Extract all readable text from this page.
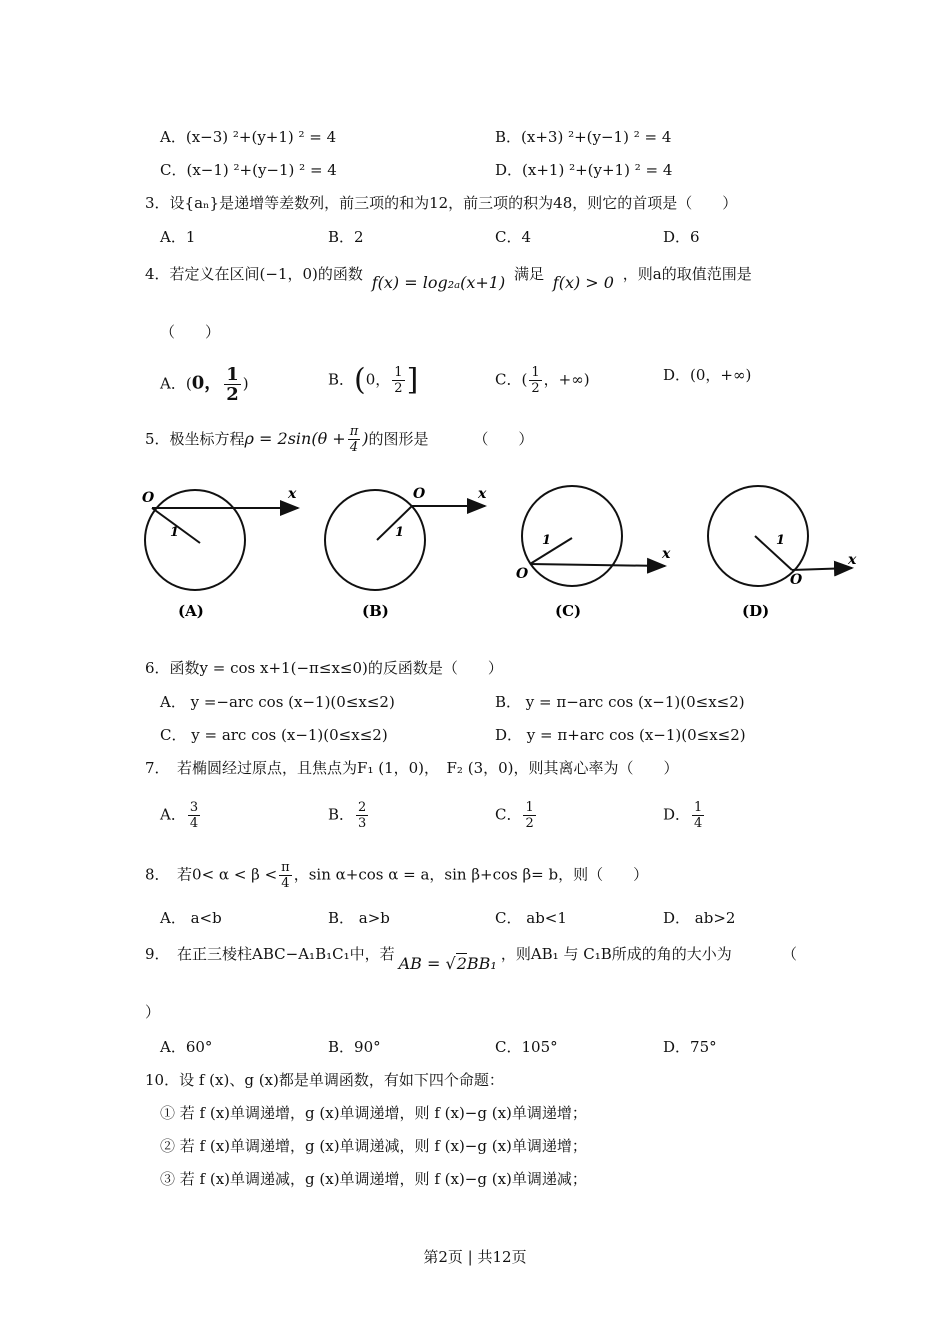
A．(x−3) ²+(y+1) ² = 4	B．(x+3) ²+(y−1) ² = 4
C．(x−1) ²+(y−1) ² = 4	D．(x+1) ²+(y+1) ² = 4
3．设{aₙ}是递增等差数列，前三项的和为12，前三项的积为48，则它的首项是（　　）
A．1	B．2	C．4	D．6
4．若定义在区间(−1，0)的函数 f(x) = log₂ₐ(x+1) 满足 f(x) > 0 ，则a的取值范围是
（　　）
A．(0， $\frac{1}{2}$ )	B．(0， $\frac{1}{2}$ ]	C．( $\frac{1}{2}$ ，+∞)	D．(0，+∞)
5．极坐标方程$\rho = 2\sin(\theta + \frac{\pi}{4}$ )的图形是	（　　）
O	x
1
(A)
O	x
1
(B)
O
x
1
(C)
O
x
1
(D)
6．函数y = cos x+1(−π≤x≤0)的反函数是（　　）
A． y =−arc cos (x−1)(0≤x≤2)	B． y = π−arc cos (x−1)(0≤x≤2)
C． y = arc cos (x−1)(0≤x≤2)	D． y = π+arc cos (x−1)(0≤x≤2)
7．　若椭圆经过原点，且焦点为F₁ (1，0)，　F₂ (3，0)，则其离心率为（　　）
A． $\frac{3}{4}$	B． $\frac{2}{3}$	C． $\frac{1}{2}$	D． $\frac{1}{4}$
8．　若$0< \alpha < \beta < \frac{\pi}{4}$ ，sin α+cos α = a，sin β+cos β= b，则（　　）
A． a<b	B． a>b	C． ab<1	D． ab>2
9．　在正三棱柱ABC−A₁B₁C₁中，若 AB = √2BB₁ ，则AB₁ 与 C₁B所成的角的大小为	（
）
A．60°	B．90°	C．105°	D．75°
10．设 f (x)、g (x)都是单调函数，有如下四个命题：
① 若 f (x)单调递增，g (x)单调递增，则 f (x)−g (x)单调递增；
② 若 f (x)单调递增，g (x)单调递减，则 f (x)−g (x)单调递增；
③ 若 f (x)单调递减，g (x)单调递增，则 f (x)−g (x)单调递减；
第2页 | 共12页
